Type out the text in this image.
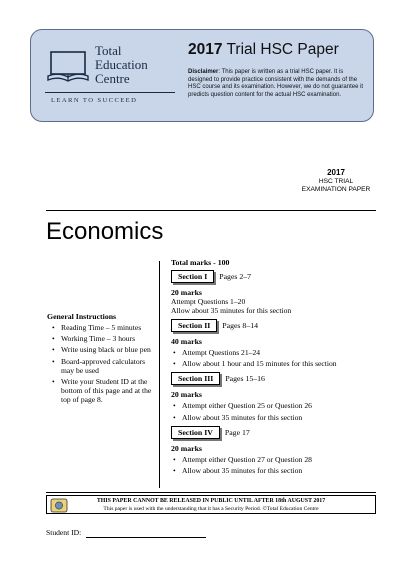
Total
Education
Centre
LEARN TO SUCCEED
2017 Trial HSC Paper
Disclaimer: This paper is written as a trial HSC paper. It is designed to provide practice consistent with the demands of the HSC course and its examination. However, we do not guarantee it predicts question content for the actual HSC examination.
2017
HSC TRIAL
EXAMINATION PAPER
Economics
General Instructions
• Reading Time – 5 minutes
• Working Time – 3 hours
• Write using black or blue pen
• Board-approved calculators may be used
• Write your Student ID at the bottom of this page and at the top of page 8.
Total marks - 100
Section I	Pages 2–7
20 marks
Attempt Questions 1–20
Allow about 35 minutes for this section
Section II	Pages 8–14
40 marks
• Attempt Questions 21–24
• Allow about 1 hour and 15 minutes for this section
Section III	Pages 15–16
20 marks
• Attempt either Question 25 or Question 26
• Allow about 35 minutes for this section
Section IV	Page 17
20 marks
• Attempt either Question 27 or Question 28
• Allow about 35 minutes for this section
THIS PAPER CANNOT BE RELEASED IN PUBLIC UNTIL AFTER 18th AUGUST 2017
This paper is used with the understanding that it has a Security Period. ©Total Education Centre
Student ID:
